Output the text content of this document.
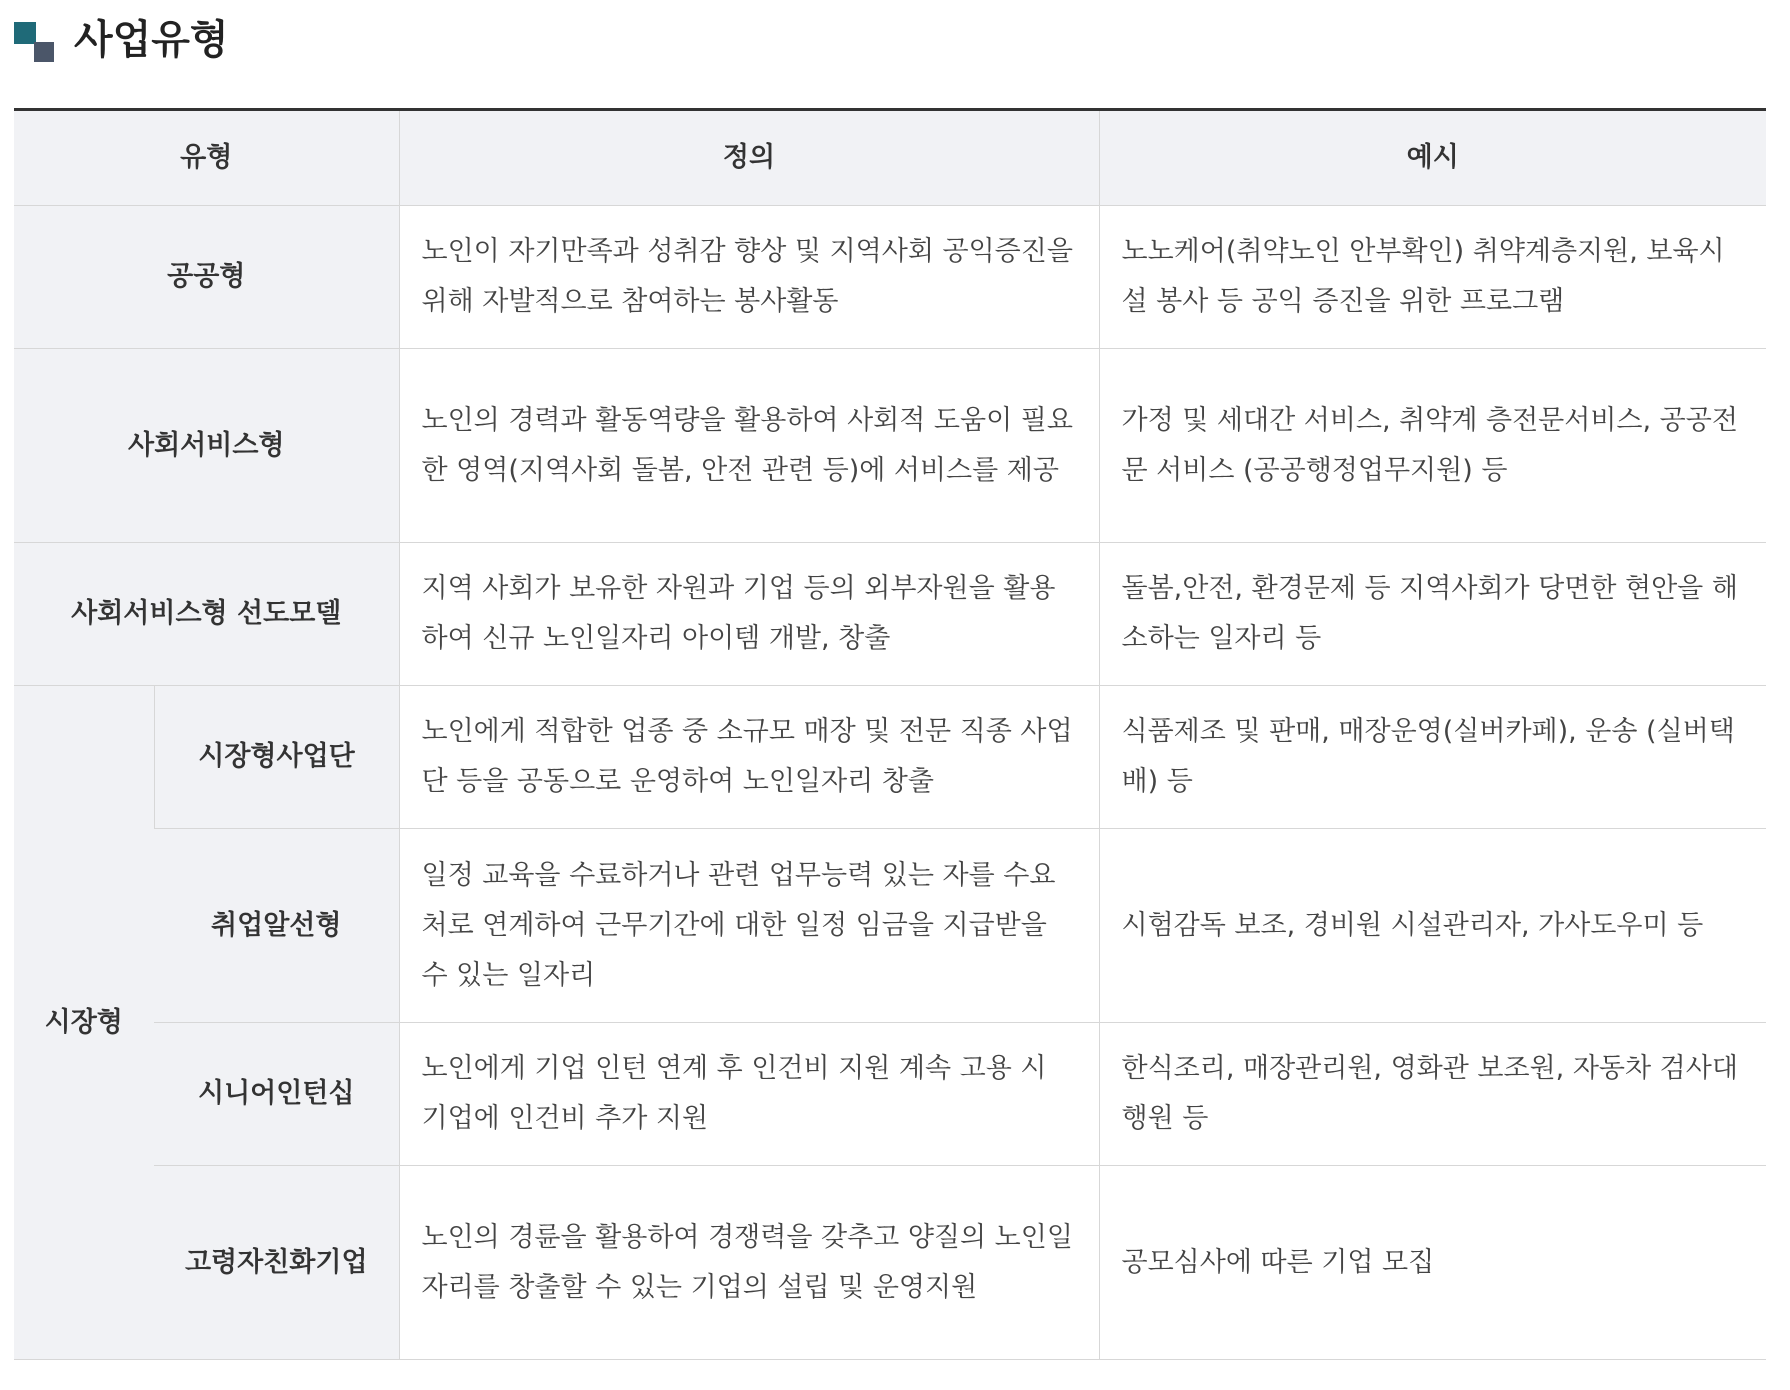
사업유형
유형		정의	예시
공공형		노인이 자기만족과 성취감 향상 및 지역사회 공익증진을 위해 자발적으로 참여하는 봉사활동	노노케어(취약노인 안부확인) 취약계층지원, 보육시설 봉사 등 공익 증진을 위한 프로그램
사회서비스형		노인의 경력과 활동역량을 활용하여 사회적 도움이 필요한 영역(지역사회 돌봄, 안전 관련 등)에 서비스를 제공	가정 및 세대간 서비스, 취약계 층전문서비스, 공공전문 서비스 (공공행정업무지원) 등
사회서비스형 선도모델		지역 사회가 보유한 자원과 기업 등의 외부자원을 활용하여 신규 노인일자리 아이템 개발, 창출	돌봄,안전, 환경문제 등 지역사회가 당면한 현안을 해소하는 일자리 등
시장형	시장형사업단	노인에게 적합한 업종 중 소규모 매장 및 전문 직종 사업단 등을 공동으로 운영하여 노인일자리 창출	식품제조 및 판매, 매장운영(실버카페), 운송 (실버택배) 등
	취업알선형	일정 교육을 수료하거나 관련 업무능력 있는 자를 수요처로 연계하여 근무기간에 대한 일정 임금을 지급받을 수 있는 일자리	시험감독 보조, 경비원 시설관리자, 가사도우미 등
	시니어인턴십	노인에게 기업 인턴 연계 후 인건비 지원 계속 고용 시 기업에 인건비 추가 지원	한식조리, 매장관리원, 영화관 보조원, 자동차 검사대행원 등
	고령자친화기업	노인의 경륜을 활용하여 경쟁력을 갖추고 양질의 노인일자리를 창출할 수 있는 기업의 설립 및 운영지원	공모심사에 따른 기업 모집
